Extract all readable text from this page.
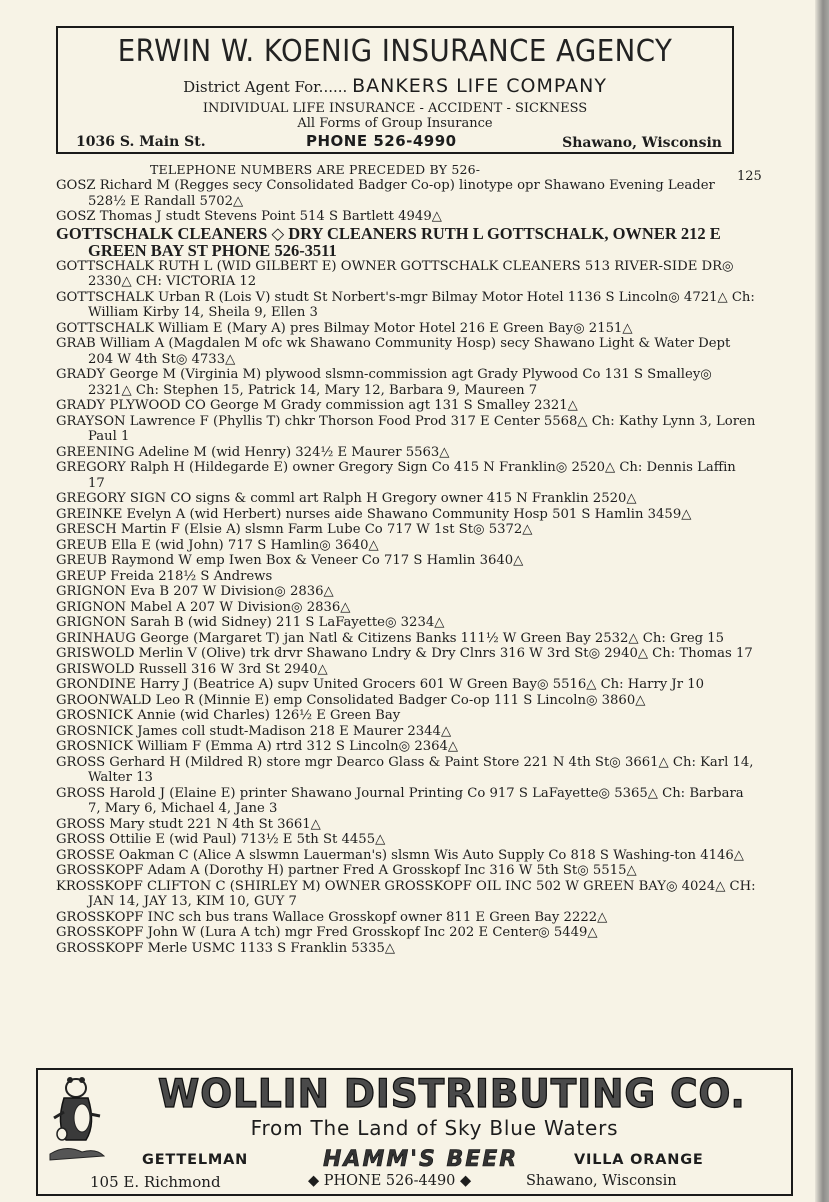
ERWIN W. KOENIG INSURANCE AGENCY
District Agent For...... BANKERS LIFE COMPANY
INDIVIDUAL LIFE INSURANCE - ACCIDENT - SICKNESS
All Forms of Group Insurance
1036 S. Main St.	PHONE 526-4990	Shawano, Wisconsin
TELEPHONE NUMBERS ARE PRECEDED BY 526-	125
GOSZ Richard M (Regges secy Consolidated Badger Co-op) linotype opr Shawano Evening Leader 528½ E Randall 5702△
GOSZ Thomas J studt Stevens Point 514 S Bartlett 4949△
GOTTSCHALK CLEANERS ◇ DRY CLEANERS RUTH L GOTTSCHALK, OWNER 212 E GREEN BAY ST PHONE 526-3511
GOTTSCHALK RUTH L (WID GILBERT E) OWNER GOTTSCHALK CLEANERS 513 RIVER-SIDE DR◎ 2330△ CH: VICTORIA 12
GOTTSCHALK Urban R (Lois V) studt St Norbert's-mgr Bilmay Motor Hotel 1136 S Lincoln◎ 4721△ Ch: William Kirby 14, Sheila 9, Ellen 3
GOTTSCHALK William E (Mary A) pres Bilmay Motor Hotel 216 E Green Bay◎ 2151△
GRAB William A (Magdalen M ofc wk Shawano Community Hosp) secy Shawano Light & Water Dept 204 W 4th St◎ 4733△
GRADY George M (Virginia M) plywood slsmn-commission agt Grady Plywood Co 131 S Smalley◎ 2321△ Ch: Stephen 15, Patrick 14, Mary 12, Barbara 9, Maureen 7
GRADY PLYWOOD CO George M Grady commission agt 131 S Smalley 2321△
GRAYSON Lawrence F (Phyllis T) chkr Thorson Food Prod 317 E Center 5568△ Ch: Kathy Lynn 3, Loren Paul 1
GREENING Adeline M (wid Henry) 324½ E Maurer 5563△
GREGORY Ralph H (Hildegarde E) owner Gregory Sign Co 415 N Franklin◎ 2520△ Ch: Dennis Laffin 17
GREGORY SIGN CO signs & comml art Ralph H Gregory owner 415 N Franklin 2520△
GREINKE Evelyn A (wid Herbert) nurses aide Shawano Community Hosp 501 S Hamlin 3459△
GRESCH Martin F (Elsie A) slsmn Farm Lube Co 717 W 1st St◎ 5372△
GREUB Ella E (wid John) 717 S Hamlin◎ 3640△
GREUB Raymond W emp Iwen Box & Veneer Co 717 S Hamlin 3640△
GREUP Freida 218½ S Andrews
GRIGNON Eva B 207 W Division◎ 2836△
GRIGNON Mabel A 207 W Division◎ 2836△
GRIGNON Sarah B (wid Sidney) 211 S LaFayette◎ 3234△
GRINHAUG George (Margaret T) jan Natl & Citizens Banks 111½ W Green Bay 2532△ Ch: Greg 15
GRISWOLD Merlin V (Olive) trk drvr Shawano Lndry & Dry Clnrs 316 W 3rd St◎ 2940△ Ch: Thomas 17
GRISWOLD Russell 316 W 3rd St 2940△
GRONDINE Harry J (Beatrice A) supv United Grocers 601 W Green Bay◎ 5516△ Ch: Harry Jr 10
GROONWALD Leo R (Minnie E) emp Consolidated Badger Co-op 111 S Lincoln◎ 3860△
GROSNICK Annie (wid Charles) 126½ E Green Bay
GROSNICK James coll studt-Madison 218 E Maurer 2344△
GROSNICK William F (Emma A) rtrd 312 S Lincoln◎ 2364△
GROSS Gerhard H (Mildred R) store mgr Dearco Glass & Paint Store 221 N 4th St◎ 3661△ Ch: Karl 14, Walter 13
GROSS Harold J (Elaine E) printer Shawano Journal Printing Co 917 S LaFayette◎ 5365△ Ch: Barbara 7, Mary 6, Michael 4, Jane 3
GROSS Mary studt 221 N 4th St 3661△
GROSS Ottilie E (wid Paul) 713½ E 5th St 4455△
GROSSE Oakman C (Alice A slswmn Lauerman's) slsmn Wis Auto Supply Co 818 S Washing-ton 4146△
GROSSKOPF Adam A (Dorothy H) partner Fred A Grosskopf Inc 316 W 5th St◎ 5515△
KROSSKOPF CLIFTON C (SHIRLEY M) OWNER GROSSKOPF OIL INC 502 W GREEN BAY◎ 4024△ CH: JAN 14, JAY 13, KIM 10, GUY 7
GROSSKOPF INC sch bus trans Wallace Grosskopf owner 811 E Green Bay 2222△
GROSSKOPF John W (Lura A tch) mgr Fred Grosskopf Inc 202 E Center◎ 5449△
GROSSKOPF Merle USMC 1133 S Franklin 5335△
WOLLIN DISTRIBUTING CO.
From The Land of Sky Blue Waters
GETTELMAN	HAMM'S BEER	VILLA ORANGE
105 E. Richmond	◆ PHONE 526-4490 ◆	Shawano, Wisconsin
